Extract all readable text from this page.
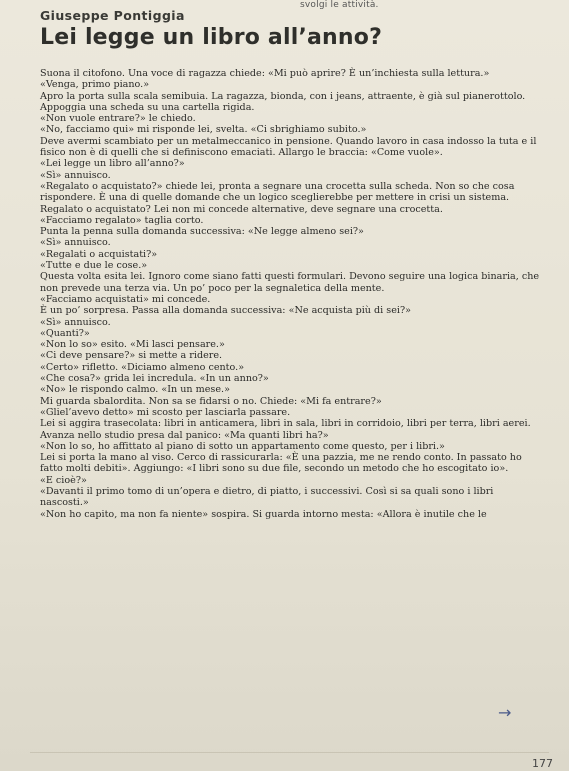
svolgi le attività.
Giuseppe Pontiggia
Lei legge un libro all’anno?

Suona il citofono. Una voce di ragazza chiede: «Mi può aprire? È un’inchiesta sulla lettura.»

«Venga, primo piano.»

Apro la porta sulla scala semibuia. La ragazza, bionda, con i jeans, attraente, è già sul pianerottolo. Appoggia una scheda su una cartella rigida.

«Non vuole entrare?» le chiedo.

«No, facciamo qui» mi risponde lei, svelta. «Ci sbrighiamo subito.»

Deve avermi scambiato per un metalmeccanico in pensione. Quando lavoro in casa indosso la tuta e il fisico non è di quelli che si definiscono emaciati. Allargo le braccia: «Come vuole».

«Lei legge un libro all’anno?»

«Sì» annuisco.

«Regalato o acquistato?» chiede lei, pronta a segnare una crocetta sulla scheda. Non so che cosa rispondere. È una di quelle domande che un logico sceglierebbe per mettere in crisi un sistema. Regalato o acquistato? Lei non mi concede alternative, deve segnare una crocetta.

«Facciamo regalato» taglia corto.

Punta la penna sulla domanda successiva: «Ne legge almeno sei?»

«Sì» annuisco.

«Regalati o acquistati?»

«Tutte e due le cose.»

Questa volta esita lei. Ignoro come siano fatti questi formulari. Devono seguire una logica binaria, che non prevede una terza via. Un po’ poco per la segnaletica della mente.

«Facciamo acquistati» mi concede.

È un po’ sorpresa. Passa alla domanda successiva: «Ne acquista più di sei?»

«Sì» annuisco.

«Quanti?»

«Non lo so» esito. «Mi lasci pensare.»

«Ci deve pensare?» si mette a ridere.

«Certo» rifletto. «Diciamo almeno cento.»

«Che cosa?» grida lei incredula. «In un anno?»

«No» le rispondo calmo. «In un mese.»

Mi guarda sbalordita. Non sa se fidarsi o no. Chiede: «Mi fa entrare?»

«Gliel’avevo detto» mi scosto per lasciarla passare.

Lei si aggira trasecolata: libri in anticamera, libri in sala, libri in corridoio, libri per terra, libri aerei.

Avanza nello studio presa dal panico: «Ma quanti libri ha?»

«Non lo so, ho affittato al piano di sotto un appartamento come questo, per i libri.»

Lei si porta la mano al viso. Cerco di rassicurarla: «È una pazzia, me ne rendo conto. In passato ho fatto molti debiti». Aggiungo: «I libri sono su due file, secondo un metodo che ho escogitato io».

«E cioè?»

«Davanti il primo tomo di un’opera e dietro, di piatto, i successivi. Così si sa quali sono i libri nascosti.»

«Non ho capito, ma non fa niente» sospira. Si guarda intorno mesta: «Allora è inutile che le

→
177
